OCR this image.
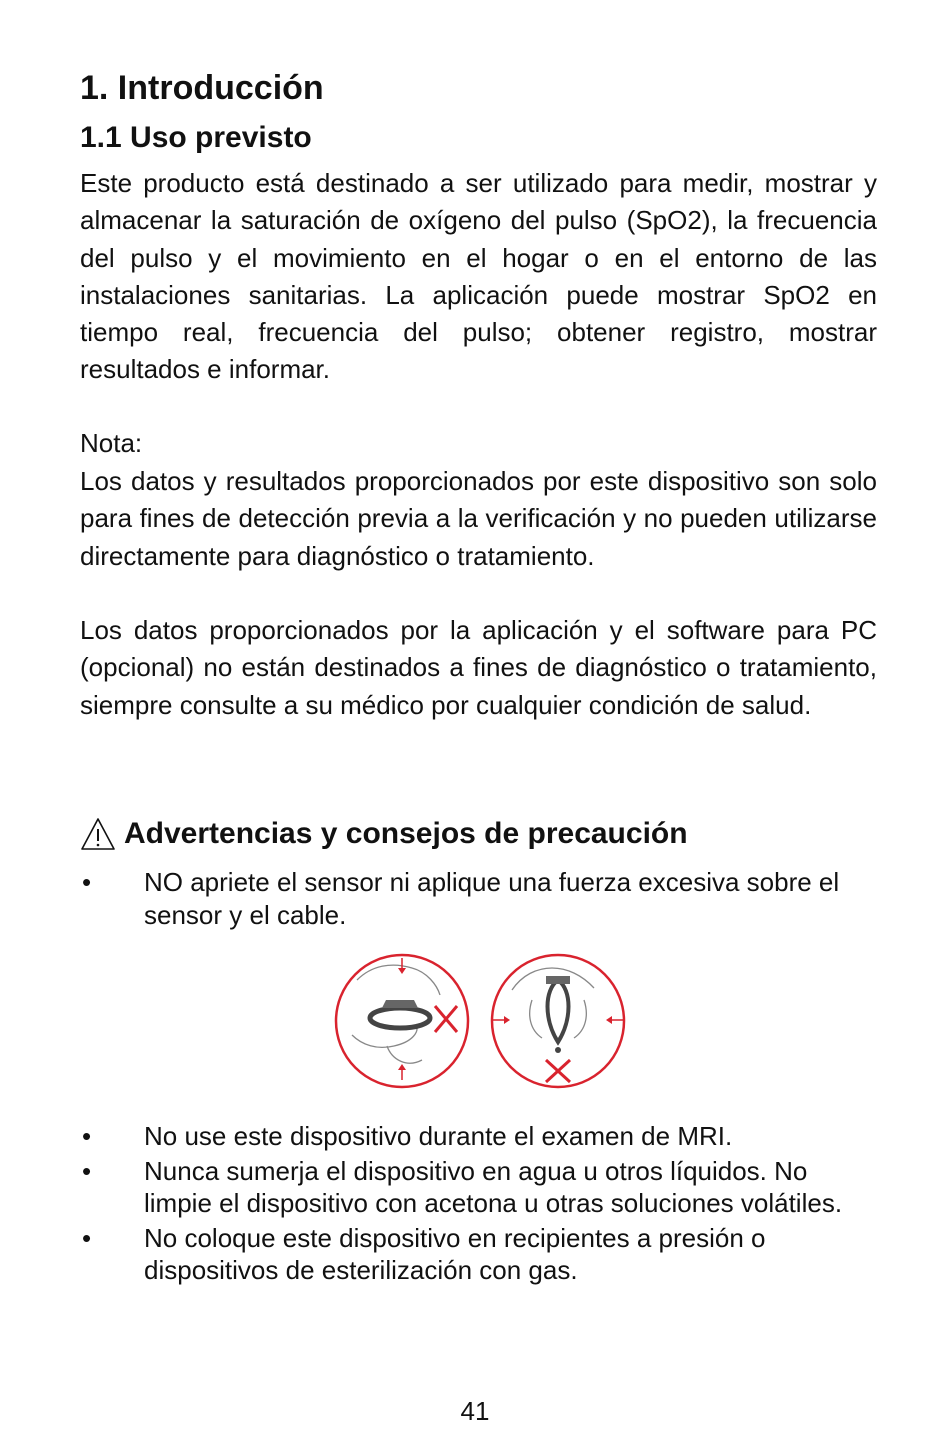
1. Introducción
1.1 Uso previsto

Este producto está destinado a ser utilizado para medir, mostrar y almacenar la saturación de oxígeno del pulso (SpO2), la frecuencia del pulso y el movimiento en el hogar o en el entorno de las instalaciones sanitarias. La aplicación puede mostrar SpO2 en tiempo real, frecuencia del pulso; obtener registro, mostrar resultados e informar.

Nota:

Los datos y resultados proporcionados por este dispositivo son solo para fines de detección previa a la verificación y no pueden utilizarse directamente para diagnóstico o tratamiento.

Los datos proporcionados por la aplicación y el software para PC (opcional) no están destinados a fines de diagnóstico o tratamiento, siempre consulte a su médico por cualquier condición de salud.

Advertencias y consejos de precaución
• NO apriete el sensor ni aplique una fuerza excesiva sobre el sensor y el cable.
• No use este dispositivo durante el examen de MRI.
• Nunca sumerja el dispositivo en agua u otros líquidos. No limpie el dispositivo con acetona u otras soluciones volátiles.
• No coloque este dispositivo en recipientes a presión o dispositivos de esterilización con gas.
41
